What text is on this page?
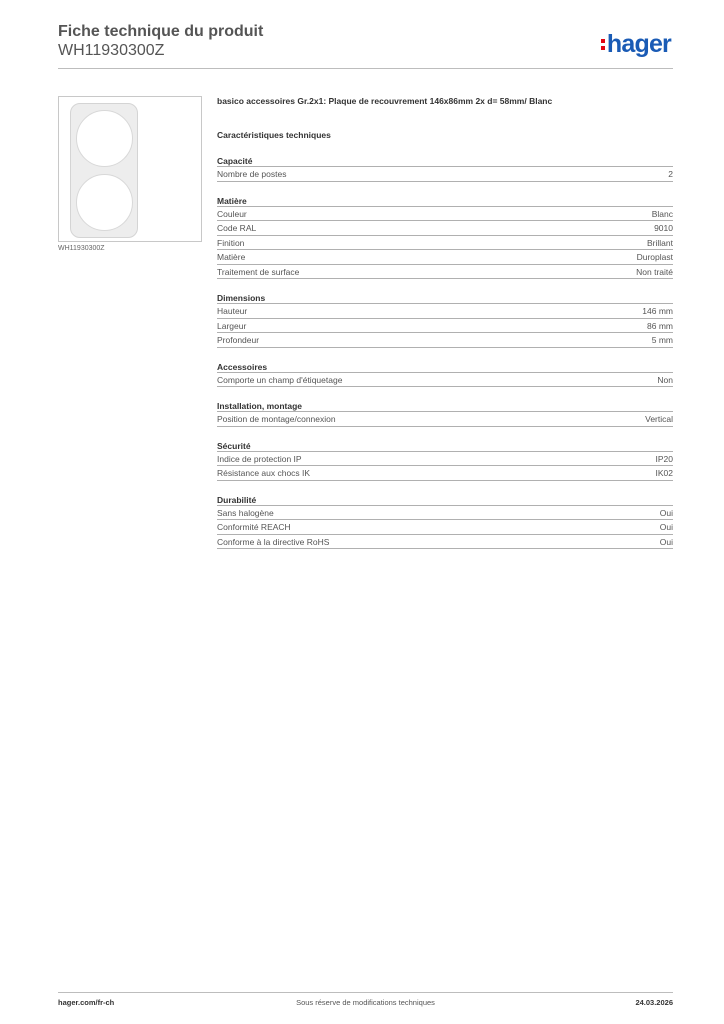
Fiche technique du produit
WH11930300Z	hager
WH11930300Z
basico accessoires Gr.2x1: Plaque de recouvrement 146x86mm 2x d= 58mm/ Blanc
Caractéristiques techniques
Capacité
Nombre de postes	2
Matière
Couleur	Blanc
Code RAL	9010
Finition	Brillant
Matière	Duroplast
Traitement de surface	Non traité
Dimensions
Hauteur	146 mm
Largeur	86 mm
Profondeur	5 mm
Accessoires
Comporte un champ d'étiquetage	Non
Installation, montage
Position de montage/connexion	Vertical
Sécurité
Indice de protection IP	IP20
Résistance aux chocs IK	IK02
Durabilité
Sans halogène	Oui
Conformité REACH	Oui
Conforme à la directive RoHS	Oui
hager.com/fr-ch	Sous réserve de modifications techniques	24.03.2026
